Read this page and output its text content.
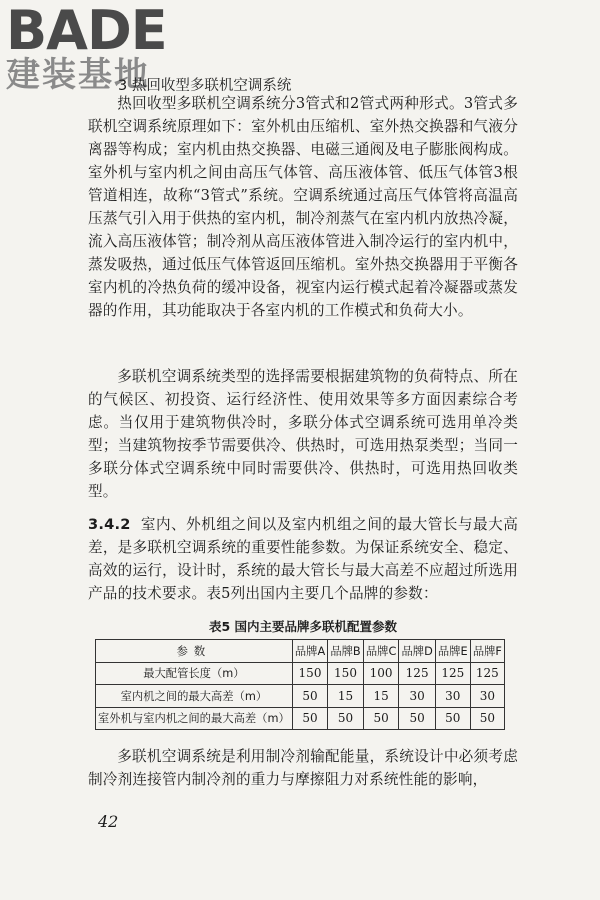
BADE
建装基地
3 热回收型多联机空调系统

热回收型多联机空调系统分3管式和2管式两种形式。3管式多联机空调系统原理如下：室外机由压缩机、室外热交换器和气液分离器等构成；室内机由热交换器、电磁三通阀及电子膨胀阀构成。室外机与室内机之间由高压气体管、高压液体管、低压气体管3根管道相连，故称“3管式”系统。空调系统通过高压气体管将高温高压蒸气引入用于供热的室内机，制冷剂蒸气在室内机内放热冷凝，流入高压液体管；制冷剂从高压液体管进入制冷运行的室内机中，蒸发吸热，通过低压气体管返回压缩机。室外热交换器用于平衡各室内机的冷热负荷的缓冲设备，视室内运行模式起着冷凝器或蒸发器的作用，其功能取决于各室内机的工作模式和负荷大小。

多联机空调系统类型的选择需要根据建筑物的负荷特点、所在的气候区、初投资、运行经济性、使用效果等多方面因素综合考虑。当仅用于建筑物供冷时，多联分体式空调系统可选用单冷类型；当建筑物按季节需要供冷、供热时，可选用热泵类型；当同一多联分体式空调系统中同时需要供冷、供热时，可选用热回收类型。

3.4.2 室内、外机组之间以及室内机组之间的最大管长与最大高差，是多联机空调系统的重要性能参数。为保证系统安全、稳定、高效的运行，设计时，系统的最大管长与最大高差不应超过所选用产品的技术要求。表5列出国内主要几个品牌的参数：

表5 国内主要品牌多联机配置参数
参数	品牌A	品牌B	品牌C	品牌D	品牌E	品牌F
最大配管长度（m）	150	150	100	125	125	125
室内机之间的最大高差（m）	50	15	15	30	30	30
室外机与室内机之间的最大高差（m）	50	50	50	50	50	50

多联机空调系统是利用制冷剂输配能量，系统设计中必须考虑制冷剂连接管内制冷剂的重力与摩擦阻力对系统性能的影响，

42
